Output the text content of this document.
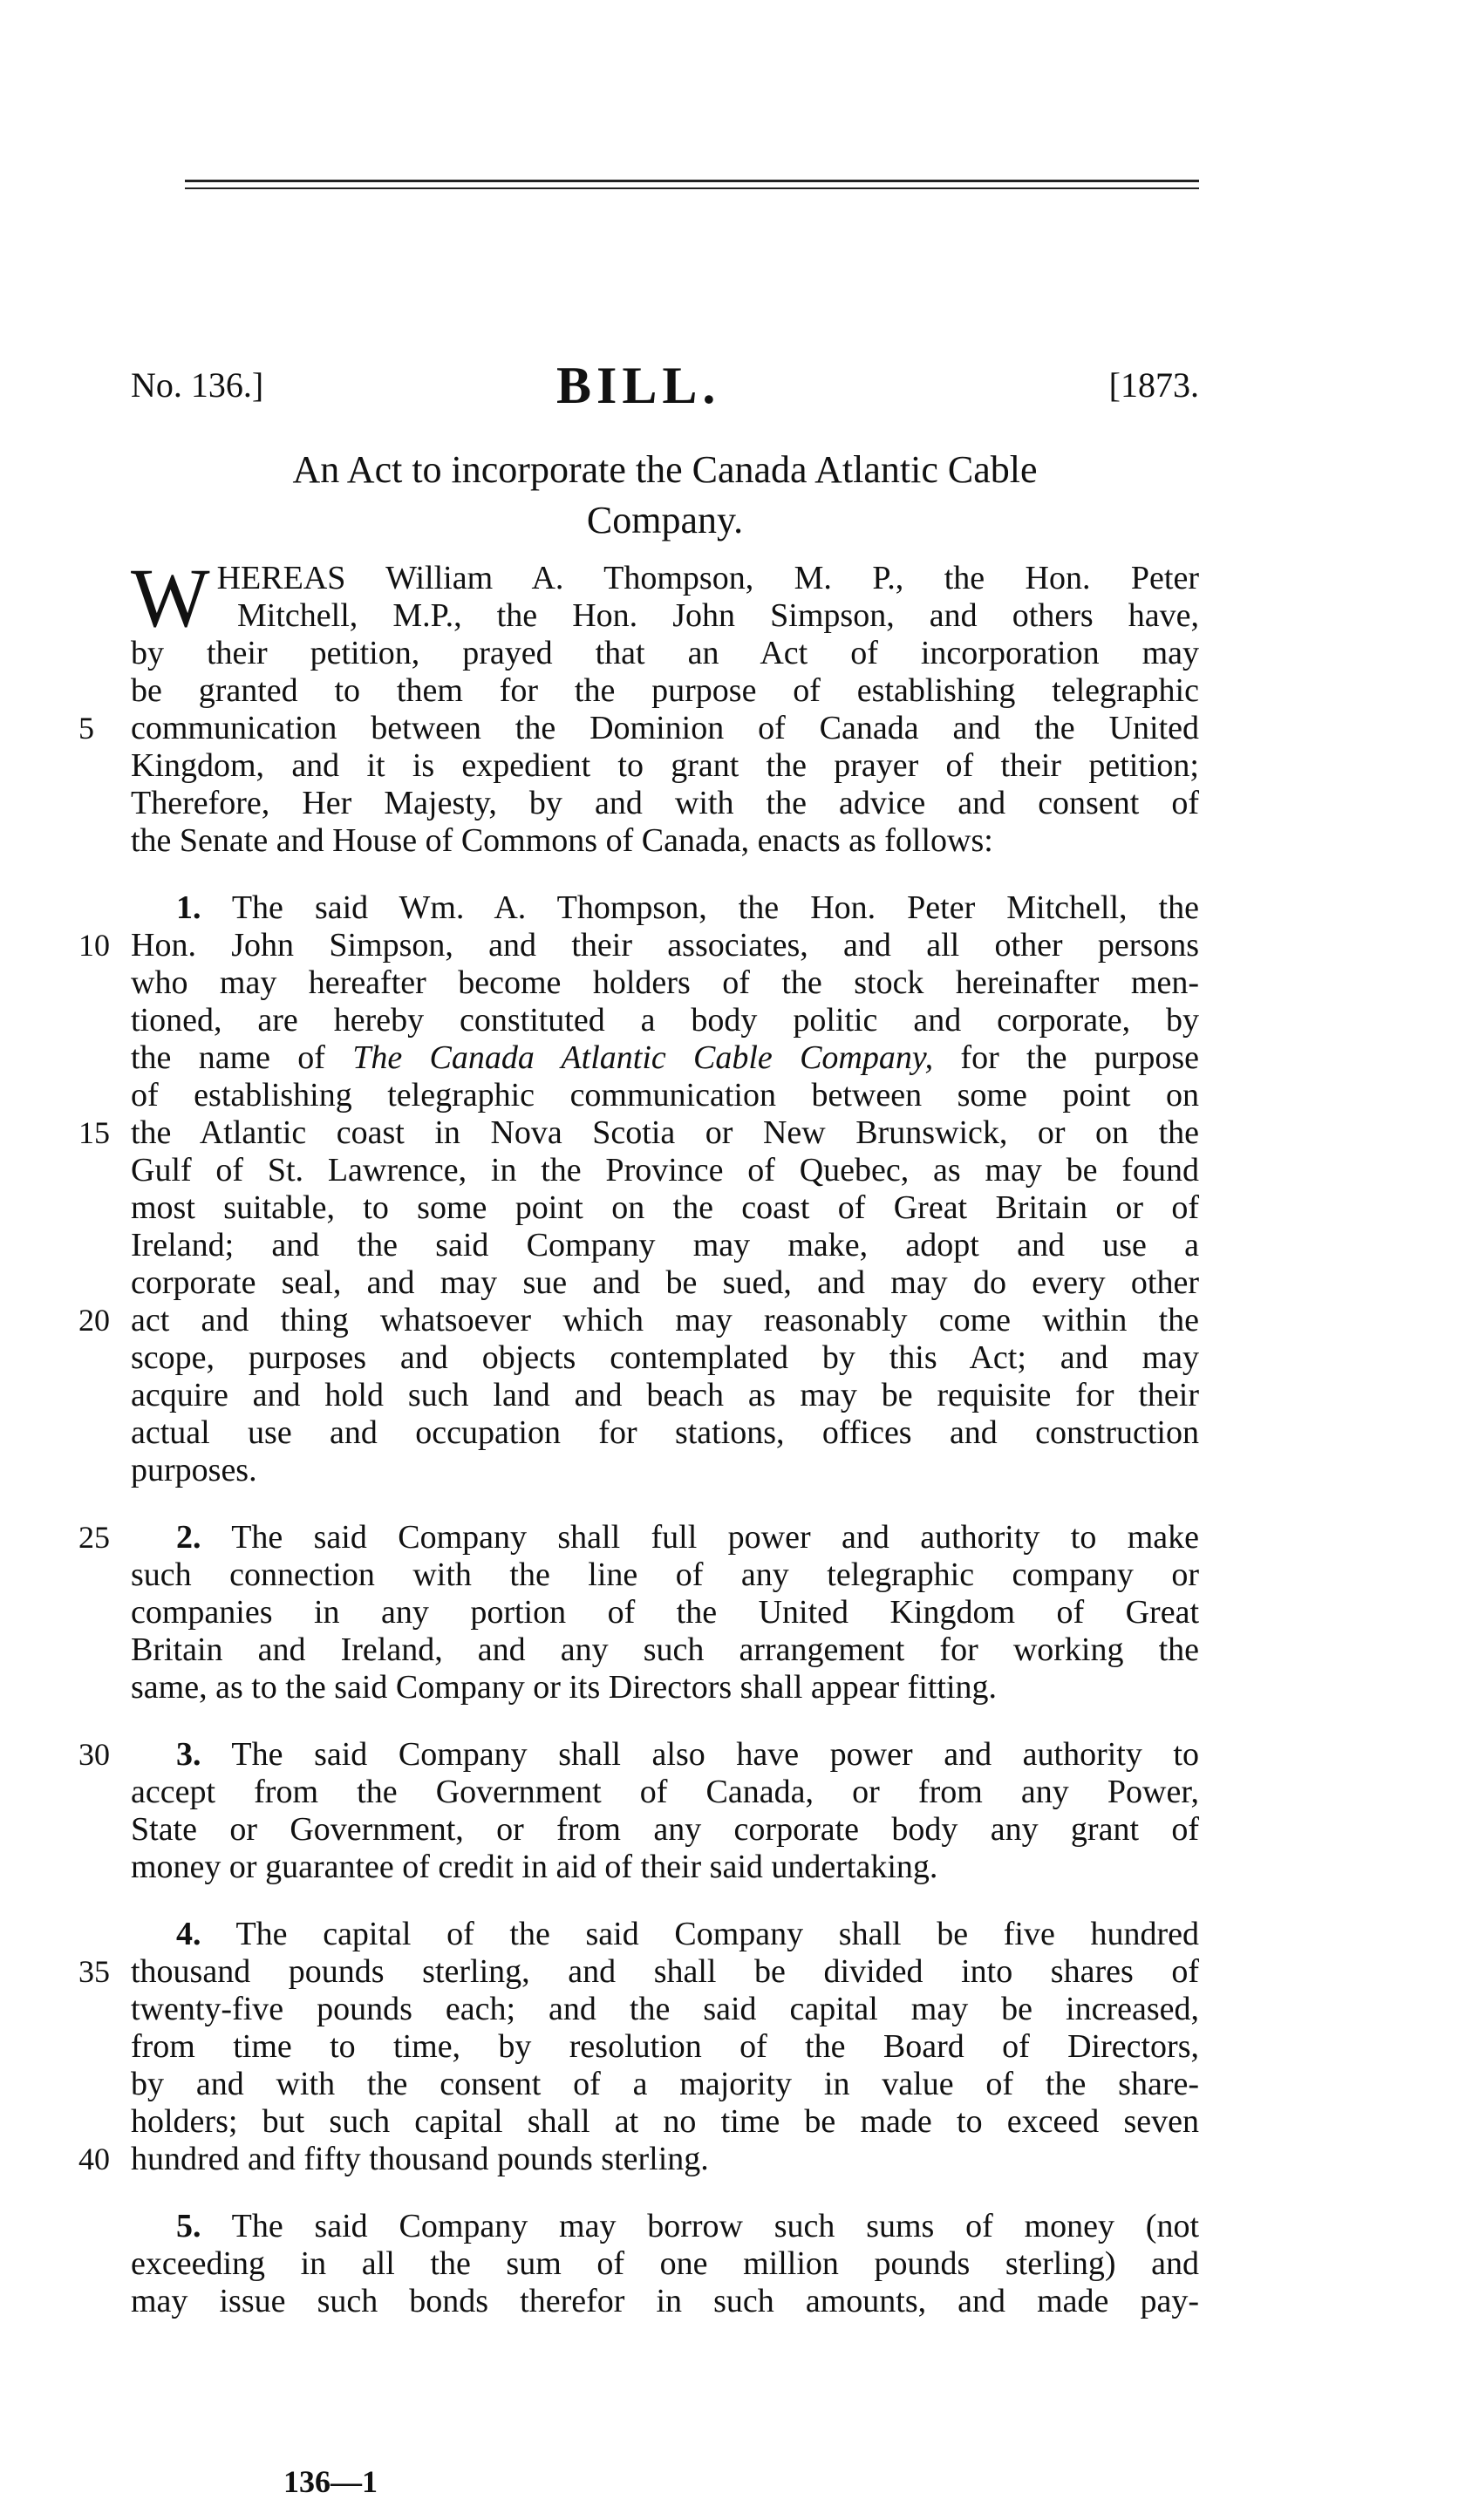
No. 136.]	BILL.	[1873.
An Act to incorporate the Canada Atlantic Cable
Company.
W HEREAS William A. Thompson, M. P., the Hon. Peter
Mitchell, M.P., the Hon. John Simpson, and others have,
by their petition, prayed that an Act of incorporation may
be granted to them for the purpose of establishing telegraphic
5	communication between the Dominion of Canada and the United
Kingdom, and it is expedient to grant the prayer of their petition;
Therefore, Her Majesty, by and with the advice and consent of
the Senate and House of Commons of Canada, enacts as follows:
1. The said Wm. A. Thompson, the Hon. Peter Mitchell, the
10 Hon. John Simpson, and their associates, and all other persons
who may hereafter become holders of the stock hereinafter men-
tioned, are hereby constituted a body politic and corporate, by
the name of The Canada Atlantic Cable Company, for the purpose
of establishing telegraphic communication between some point on
15 the Atlantic coast in Nova Scotia or New Brunswick, or on the
Gulf of St. Lawrence, in the Province of Quebec, as may be found
most suitable, to some point on the coast of Great Britain or of
Ireland; and the said Company may make, adopt and use a
corporate seal, and may sue and be sued, and may do every other
20 act and thing whatsoever which may reasonably come within the
scope, purposes and objects contemplated by this Act; and may
acquire and hold such land and beach as may be requisite for their
actual use and occupation for stations, offices and construction
purposes.
25 2. The said Company shall full power and authority to make
such connection with the line of any telegraphic company or
companies in any portion of the United Kingdom of Great
Britain and Ireland, and any such arrangement for working the
same, as to the said Company or its Directors shall appear fitting.
30 3. The said Company shall also have power and authority to
accept from the Government of Canada, or from any Power,
State or Government, or from any corporate body any grant of
money or guarantee of credit in aid of their said undertaking.
4. The capital of the said Company shall be five hundred
35 thousand pounds sterling, and shall be divided into shares of
twenty-five pounds each; and the said capital may be increased,
from time to time, by resolution of the Board of Directors,
by and with the consent of a majority in value of the share-
holders; but such capital shall at no time be made to exceed seven
40 hundred and fifty thousand pounds sterling.
5. The said Company may borrow such sums of money (not
exceeding in all the sum of one million pounds sterling) and
may issue such bonds therefor in such amounts, and made pay-
136—1
